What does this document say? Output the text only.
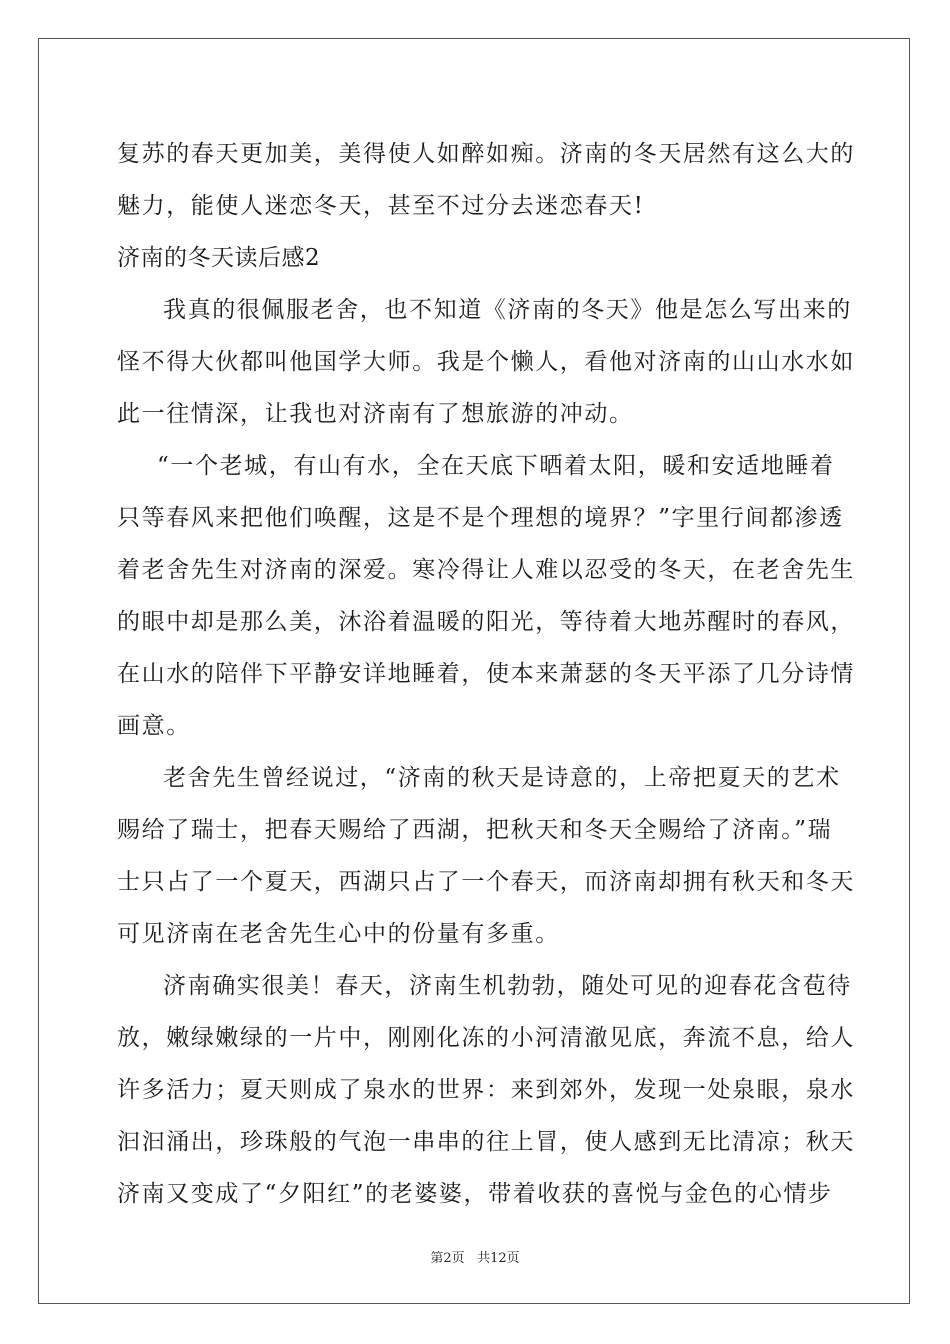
复苏的春天更加美，美得使人如醉如痴。济南的冬天居然有这么大的
魅力，能使人迷恋冬天，甚至不过分去迷恋春天!
济南的冬天读后感2
我真的很佩服老舍，也不知道《济南的冬天》他是怎么写出来的
怪不得大伙都叫他国学大师。我是个懒人，看他对济南的山山水水如
此一往情深，让我也对济南有了想旅游的冲动。
“一个老城，有山有水，全在天底下晒着太阳，暖和安适地睡着
只等春风来把他们唤醒，这是不是个理想的境界？”字里行间都渗透
着老舍先生对济南的深爱。寒冷得让人难以忍受的冬天，在老舍先生
的眼中却是那么美，沐浴着温暖的阳光，等待着大地苏醒时的春风，
在山水的陪伴下平静安详地睡着，使本来萧瑟的冬天平添了几分诗情
画意。
老舍先生曾经说过，“济南的秋天是诗意的，上帝把夏天的艺术
赐给了瑞士，把春天赐给了西湖，把秋天和冬天全赐给了济南。”瑞
士只占了一个夏天，西湖只占了一个春天，而济南却拥有秋天和冬天
可见济南在老舍先生心中的份量有多重。
济南确实很美！春天，济南生机勃勃，随处可见的迎春花含苞待
放，嫩绿嫩绿的一片中，刚刚化冻的小河清澈见底，奔流不息，给人
许多活力；夏天则成了泉水的世界：来到郊外，发现一处泉眼，泉水
汩汩涌出，珍珠般的气泡一串串的往上冒，使人感到无比清凉；秋天
济南又变成了“夕阳红”的老婆婆，带着收获的喜悦与金色的心情步
第2页 共12页
